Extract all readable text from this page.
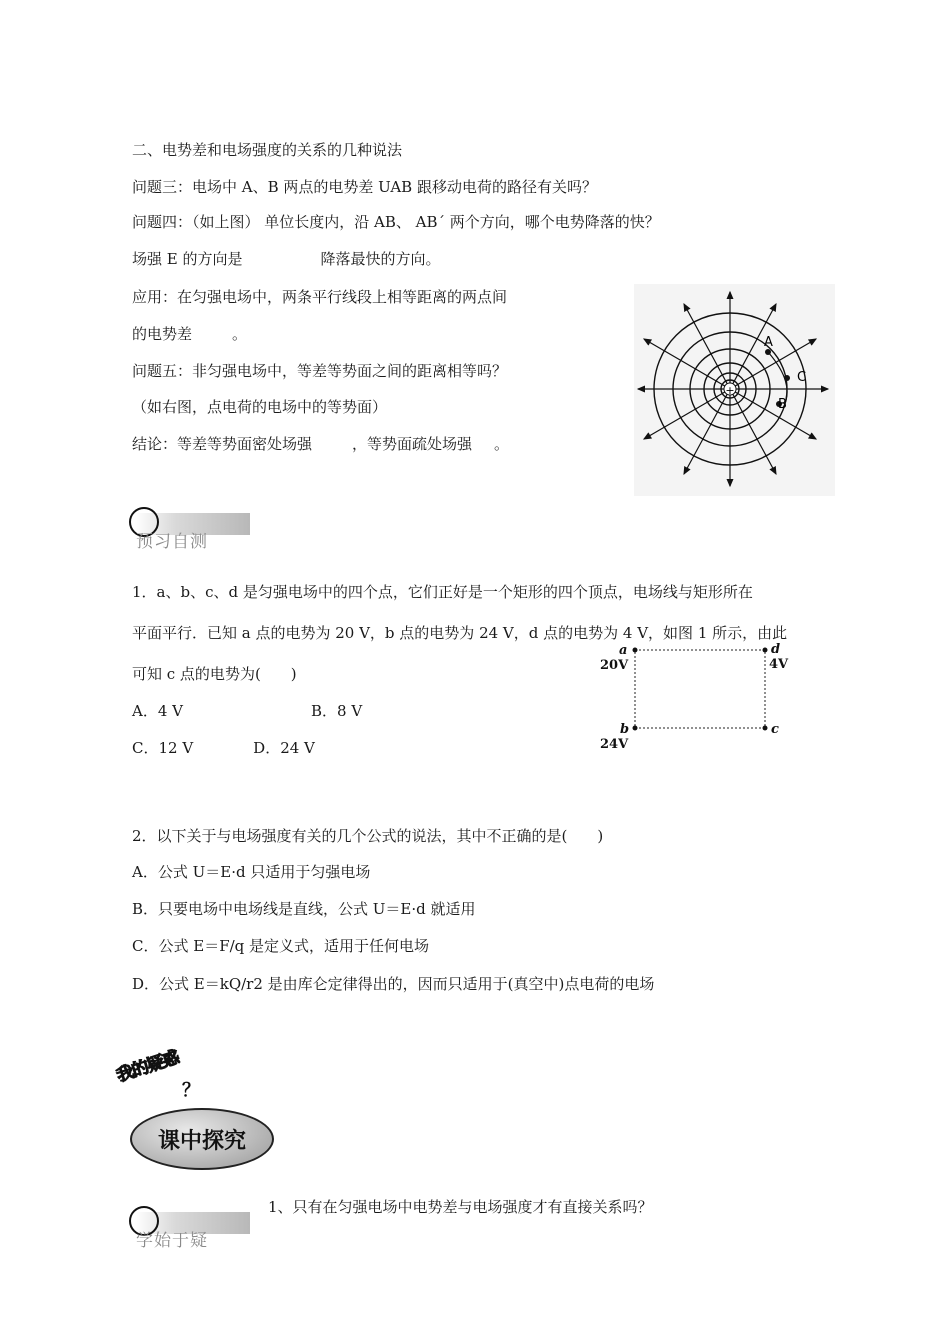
二、电势差和电场强度的关系的几种说法
问题三：电场中 A、B 两点的电势差 UAB 跟移动电荷的路径有关吗？
问题四：（如上图） 单位长度内，沿 AB、 AB´ 两个方向，哪个电势降落的快？
场强 E 的方向是	降落最快的方向。
应用：在匀强电场中，两条平行线段上相等距离的两点间
的电势差	。
问题五：非匀强电场中，等差等势面之间的距离相等吗？
（如右图，点电荷的电场中的等势面）
结论：等差等势面密处场强	，等势面疏处场强 。
+
A
C
B
预习自测
1．a、b、c、d 是匀强电场中的四个点，它们正好是一个矩形的四个顶点，电场线与矩形所在
平面平行．已知 a 点的电势为 20 V，b 点的电势为 24 V，d 点的电势为 4 V，如图 1 所示，由此
可知 c 点的电势为(　　)
A．4 V	B．8 V
C．12 V	D．24 V
a
20V
d
4V
b
24V
c
2．以下关于与电场强度有关的几个公式的说法，其中不正确的是(　　)
A．公式 U＝E·d 只适用于匀强电场
B．只要电场中电场线是直线，公式 U＝E·d 就适用
C．公式 E＝F/q 是定义式，适用于任何电场
D．公式 E＝kQ/r2 是由库仑定律得出的，因而只适用于(真空中)点电荷的电场
我的疑惑
？
课中探究
学始于疑
1、只有在匀强电场中电势差与电场强度才有直接关系吗？
